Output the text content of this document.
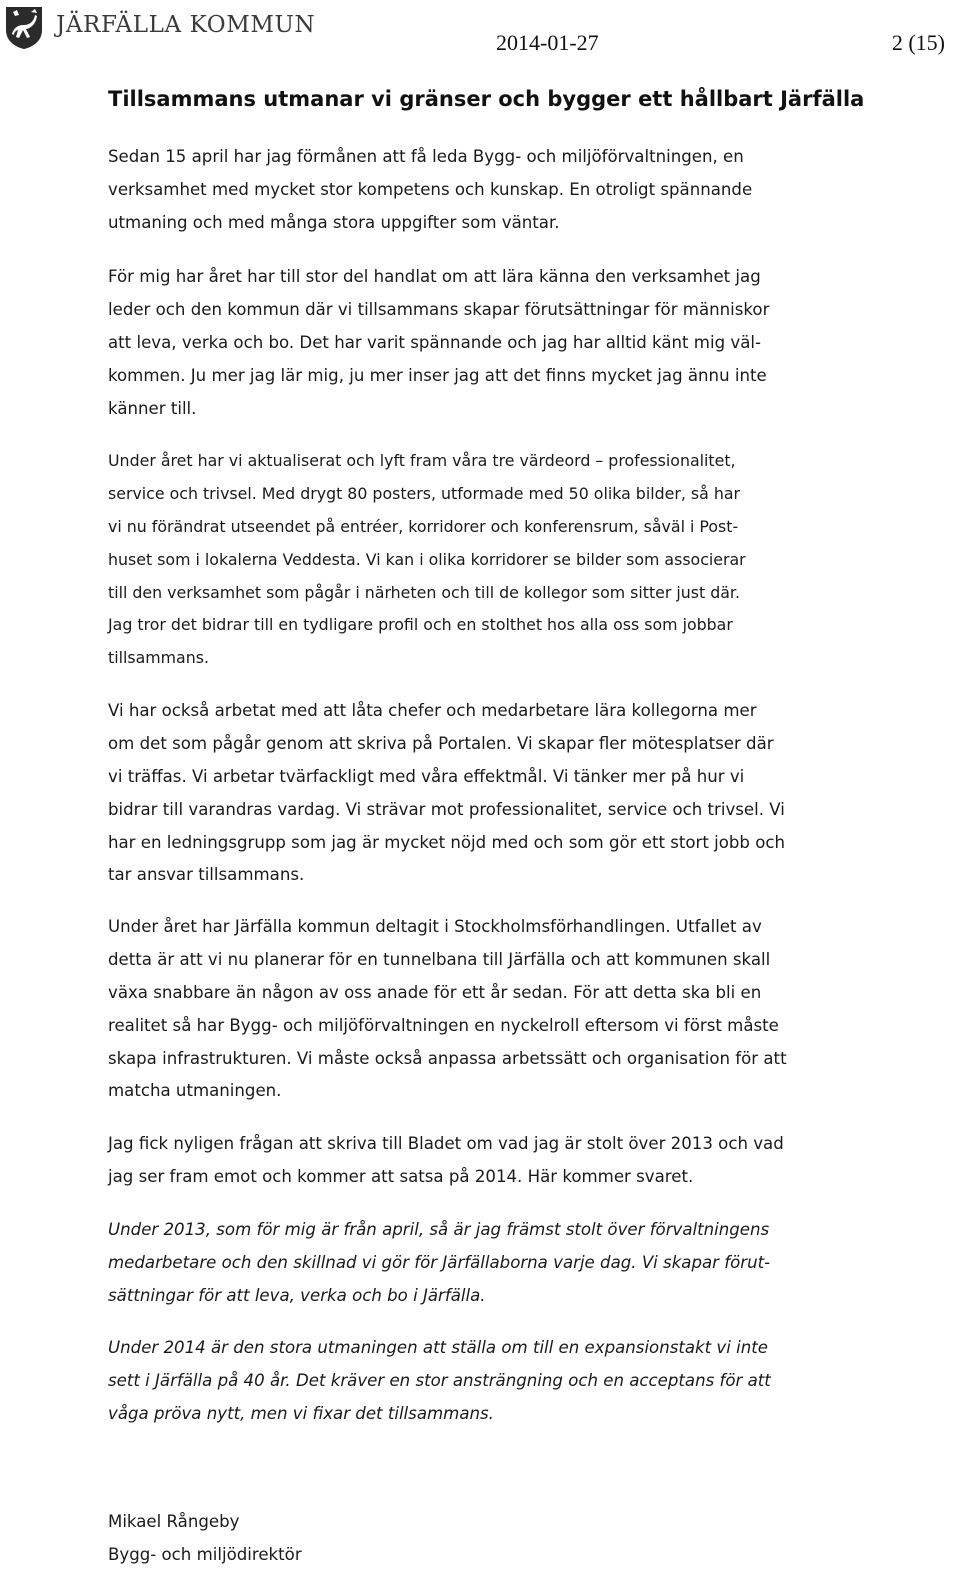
JÄRFÄLLA KOMMUN
2014-01-27	2 (15)
Tillsammans utmanar vi gränser och bygger ett hållbart Järfälla
Sedan 15 april har jag förmånen att få leda Bygg- och miljöförvaltningen, en
verksamhet med mycket stor kompetens och kunskap. En otroligt spännande
utmaning och med många stora uppgifter som väntar.
För mig har året har till stor del handlat om att lära känna den verksamhet jag
leder och den kommun där vi tillsammans skapar förutsättningar för människor
att leva, verka och bo. Det har varit spännande och jag har alltid känt mig väl-
kommen. Ju mer jag lär mig, ju mer inser jag att det finns mycket jag ännu inte
känner till.
Under året har vi aktualiserat och lyft fram våra tre värdeord – professionalitet,
service och trivsel. Med drygt 80 posters, utformade med 50 olika bilder, så har
vi nu förändrat utseendet på entréer, korridorer och konferensrum, såväl i Post-
huset som i lokalerna Veddesta. Vi kan i olika korridorer se bilder som associerar
till den verksamhet som pågår i närheten och till de kollegor som sitter just där.
Jag tror det bidrar till en tydligare profil och en stolthet hos alla oss som jobbar
tillsammans.
Vi har också arbetat med att låta chefer och medarbetare lära kollegorna mer
om det som pågår genom att skriva på Portalen. Vi skapar fler mötesplatser där
vi träffas. Vi arbetar tvärfackligt med våra effektmål. Vi tänker mer på hur vi
bidrar till varandras vardag. Vi strävar mot professionalitet, service och trivsel. Vi
har en ledningsgrupp som jag är mycket nöjd med och som gör ett stort jobb och
tar ansvar tillsammans.
Under året har Järfälla kommun deltagit i Stockholmsförhandlingen. Utfallet av
detta är att vi nu planerar för en tunnelbana till Järfälla och att kommunen skall
växa snabbare än någon av oss anade för ett år sedan. För att detta ska bli en
realitet så har Bygg- och miljöförvaltningen en nyckelroll eftersom vi först måste
skapa infrastrukturen. Vi måste också anpassa arbetssätt och organisation för att
matcha utmaningen.
Jag fick nyligen frågan att skriva till Bladet om vad jag är stolt över 2013 och vad
jag ser fram emot och kommer att satsa på 2014. Här kommer svaret.
Under 2013, som för mig är från april, så är jag främst stolt över förvaltningens
medarbetare och den skillnad vi gör för Järfällaborna varje dag. Vi skapar förut-
sättningar för att leva, verka och bo i Järfälla.
Under 2014 är den stora utmaningen att ställa om till en expansionstakt vi inte
sett i Järfälla på 40 år. Det kräver en stor ansträngning och en acceptans för att
våga pröva nytt, men vi fixar det tillsammans.
Mikael Rångeby
Bygg- och miljödirektör
